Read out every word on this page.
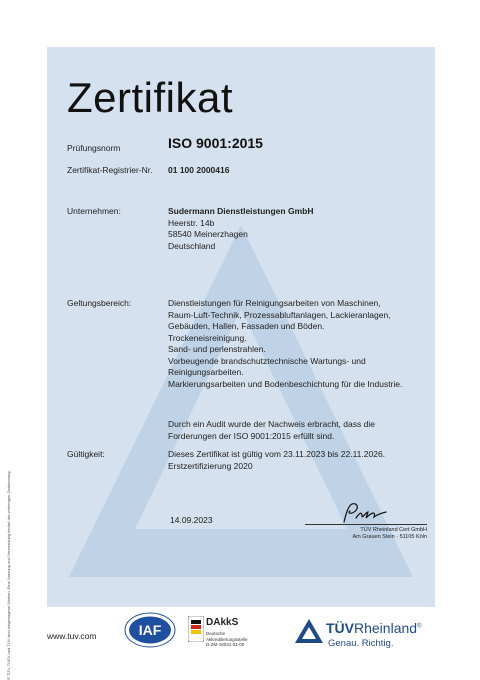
Zertifikat
Prüfungsnorm	ISO 9001:2015
Zertifikat-Registrier-Nr. 01 100 2000416
Unternehmen:	Sudermann Dienstleistungen GmbH
Heerstr. 14b
58540 Meinerzhagen
Deutschland
Geltungsbereich:	Dienstleistungen für Reinigungsarbeiten von Maschinen,
Raum-Luft-Technik, Prozessabluftanlagen, Lackieranlagen,
Gebäuden, Hallen, Fassaden und Böden.
Trockeneisreinigung.
Sand- und perlenstrahlen.
Vorbeugende brandschutztechnische Wartungs- und
Reinigungsarbeiten.
Markierungsarbeiten und Bodenbeschichtung für die Industrie.
Durch ein Audit wurde der Nachweis erbracht, dass die
Forderungen der ISO 9001:2015 erfüllt sind.
Gültigkeit:	Dieses Zertifikat ist gültig vom 23.11.2023 bis 22.11.2026.
Erstzertifizierung 2020
14.09.2023
TÜV Rheinland Cert GmbH
Am Grauen Stein · 51105 Köln
® TÜV, TUEV und TUV sind eingetragene Marken. Eine Nutzung und Verwendung bedarf der vorherigen Zustimmung.	www.tuv.com	IAF	DAkkS
Deutsche
Akkreditierungsstelle
D-ZM-16031-01-00
TÜVRheinland®
Genau. Richtig.
